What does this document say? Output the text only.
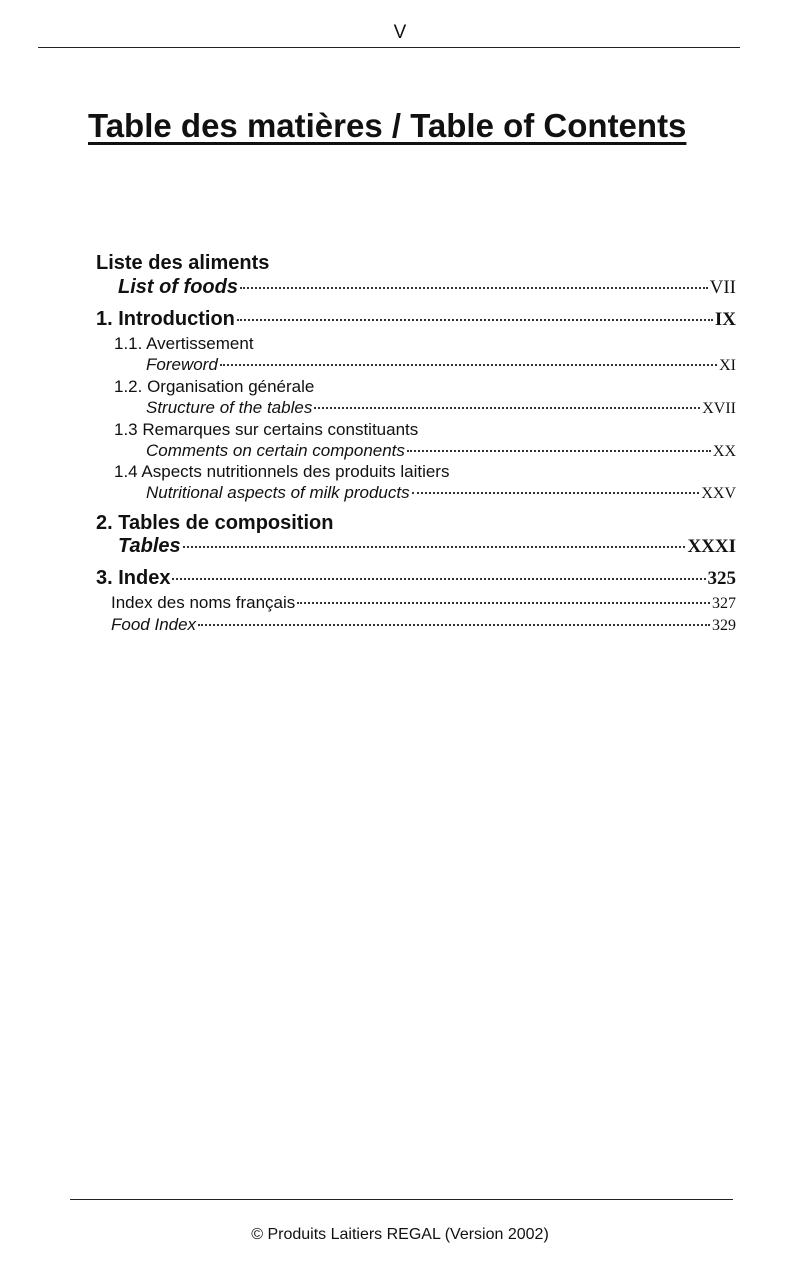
V
Table des matières / Table of Contents
Liste des aliments
List of foods	VII
1. Introduction	IX
1.1. Avertissement
Foreword	XI
1.2. Organisation générale
Structure of the tables	XVII
1.3 Remarques sur certains constituants
Comments on certain components	XX
1.4 Aspects nutritionnels des produits laitiers
Nutritional aspects of milk products	XXV
2. Tables de composition
Tables	XXXI
3. Index	325
Index des noms français	327
Food Index	329
© Produits Laitiers REGAL (Version 2002)
